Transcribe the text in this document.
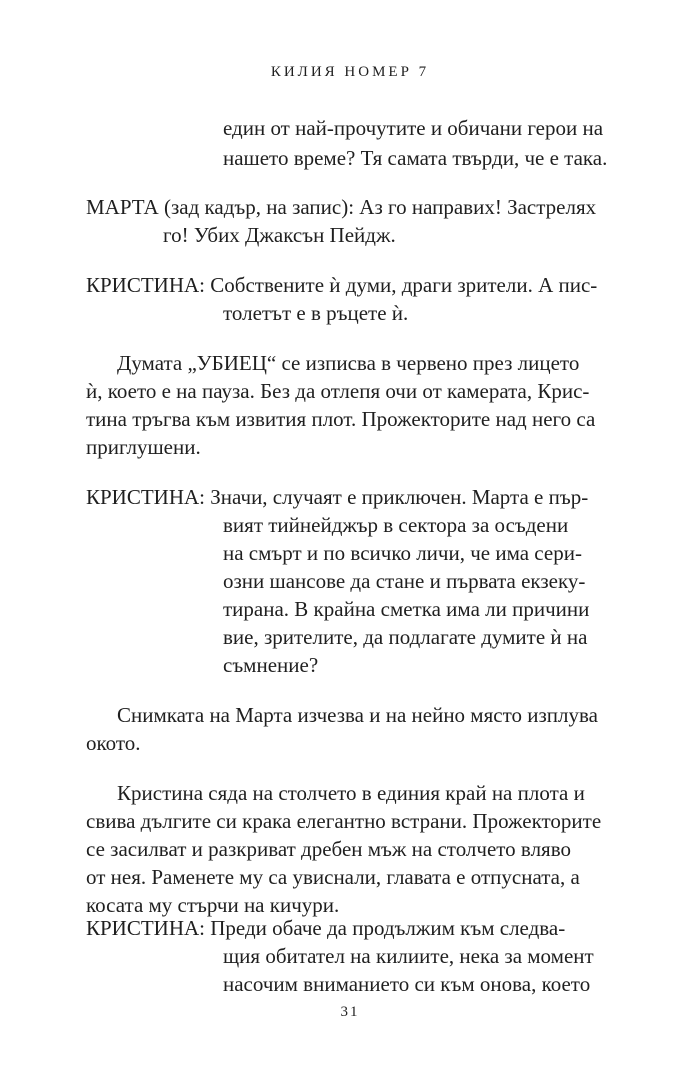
КИЛИЯ НОМЕР 7
един от най-прочутите и обичани герои на
нашето време? Тя самата твърди, че е така.
МАРТА (зад кадър, на запис): Аз го направих! Застрелях
го! Убих Джаксън Пейдж.
КРИСТИНА: Собствените ѝ думи, драги зрители. А пис-
толетът е в ръцете ѝ.
Думата „УБИЕЦ“ се изписва в червено през лицето
ѝ, което е на пауза. Без да отлепя очи от камерата, Крис-
тина тръгва към извития плот. Прожекторите над него са
приглушени.
КРИСТИНА: Значи, случаят е приключен. Марта е пър-
вият тийнейджър в сектора за осъдени
на смърт и по всичко личи, че има сери-
озни шансове да стане и първата екзеку-
тирана. В крайна сметка има ли причини
вие, зрителите, да подлагате думите ѝ на
съмнение?
Снимката на Марта изчезва и на нейно място изплува
окото.
Кристина сяда на столчето в единия край на плота и
свива дългите си крака елегантно встрани. Прожекторите
се засилват и разкриват дребен мъж на столчето вляво
от нея. Раменете му са увиснали, главата е отпусната, а
косата му стърчи на кичури.
КРИСТИНА: Преди обаче да продължим към следва-
щия обитател на килиите, нека за момент
насочим вниманието си към онова, което
31
